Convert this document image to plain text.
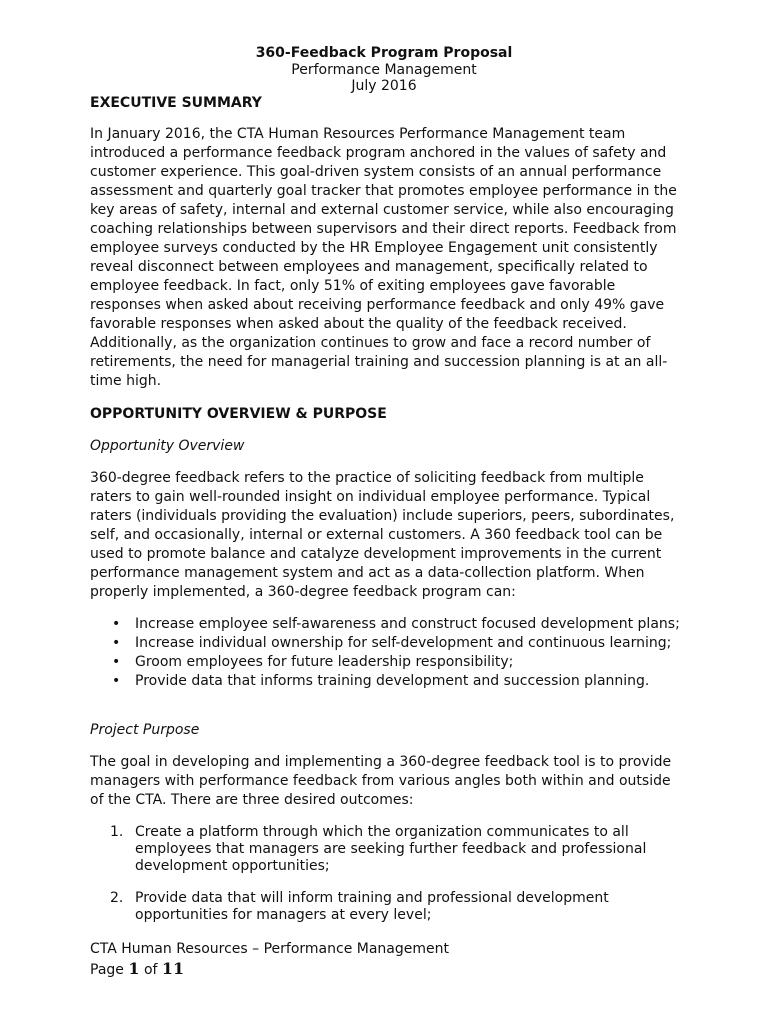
360-Feedback Program Proposal
Performance Management
July 2016

EXECUTIVE SUMMARY

In January 2016, the CTA Human Resources Performance Management team
introduced a performance feedback program anchored in the values of safety and
customer experience. This goal-driven system consists of an annual performance
assessment and quarterly goal tracker that promotes employee performance in the
key areas of safety, internal and external customer service, while also encouraging
coaching relationships between supervisors and their direct reports. Feedback from
employee surveys conducted by the HR Employee Engagement unit consistently
reveal disconnect between employees and management, specifically related to
employee feedback. In fact, only 51% of exiting employees gave favorable
responses when asked about receiving performance feedback and only 49% gave
favorable responses when asked about the quality of the feedback received.
Additionally, as the organization continues to grow and face a record number of
retirements, the need for managerial training and succession planning is at an all-
time high.

OPPORTUNITY OVERVIEW & PURPOSE

Opportunity Overview

360-degree feedback refers to the practice of soliciting feedback from multiple
raters to gain well-rounded insight on individual employee performance. Typical
raters (individuals providing the evaluation) include superiors, peers, subordinates,
self, and occasionally, internal or external customers. A 360 feedback tool can be
used to promote balance and catalyze development improvements in the current
performance management system and act as a data-collection platform. When
properly implemented, a 360-degree feedback program can:
• Increase employee self-awareness and construct focused development plans;
• Increase individual ownership for self-development and continuous learning;
• Groom employees for future leadership responsibility;
• Provide data that informs training development and succession planning.

Project Purpose

The goal in developing and implementing a 360-degree feedback tool is to provide
managers with performance feedback from various angles both within and outside
of the CTA. There are three desired outcomes:
1. Create a platform through which the organization communicates to all
employees that managers are seeking further feedback and professional
development opportunities;
2. Provide data that will inform training and professional development
opportunities for managers at every level;
CTA Human Resources – Performance Management
Page 1 of 11
